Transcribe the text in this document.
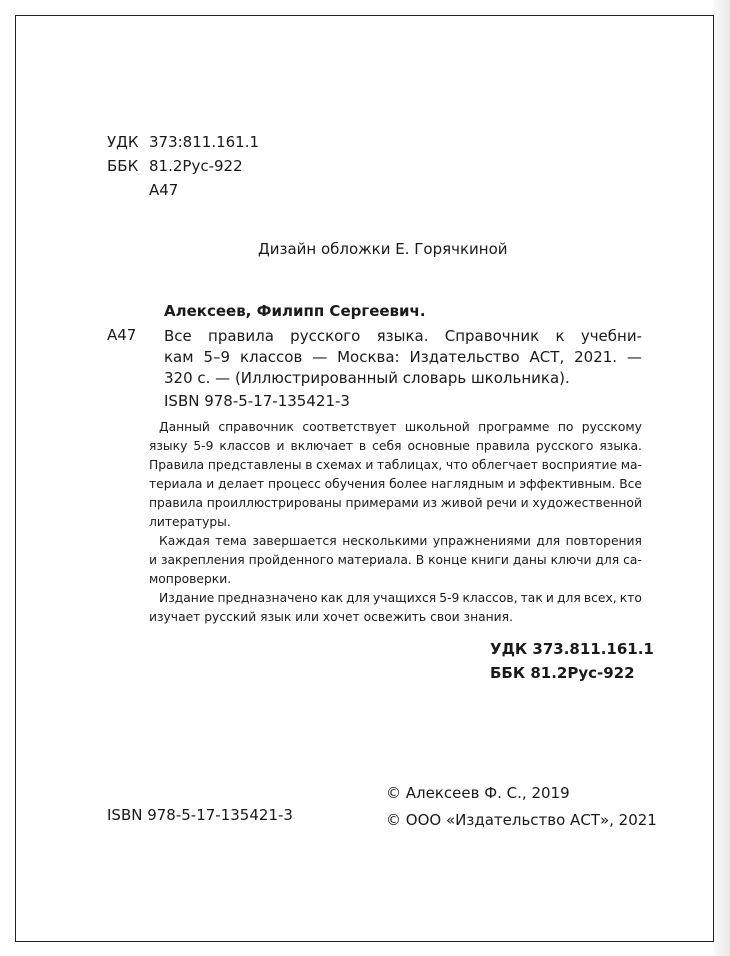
УДК 373:811.161.1
ББК 81.2Рус-922
А47
Дизайн обложки Е. Горячкиной
Алексеев, Филипп Сергеевич.
А47 Все правила русского языка. Справочник к учебни-
кам 5–9 классов — Москва: Издательство АСТ, 2021. —
320 с. — (Иллюстрированный словарь школьника).
ISBN 978-5-17-135421-3
Данный справочник соответствует школьной программе по русскому
языку 5-9 классов и включает в себя основные правила русского языка.
Правила представлены в схемах и таблицах, что облегчает восприятие ма-
териала и делает процесс обучения более наглядным и эффективным. Все
правила проиллюстрированы примерами из живой речи и художественной
литературы.
Каждая тема завершается несколькими упражнениями для повторения
и закрепления пройденного материала. В конце книги даны ключи для са-
мопроверки.
Издание предназначено как для учащихся 5-9 классов, так и для всех, кто
изучает русский язык или хочет освежить свои знания.
УДК 373.811.161.1
ББК 81.2Рус-922
© Алексеев Ф. С., 2019
© ООО «Издательство АСТ», 2021
ISBN 978-5-17-135421-3
